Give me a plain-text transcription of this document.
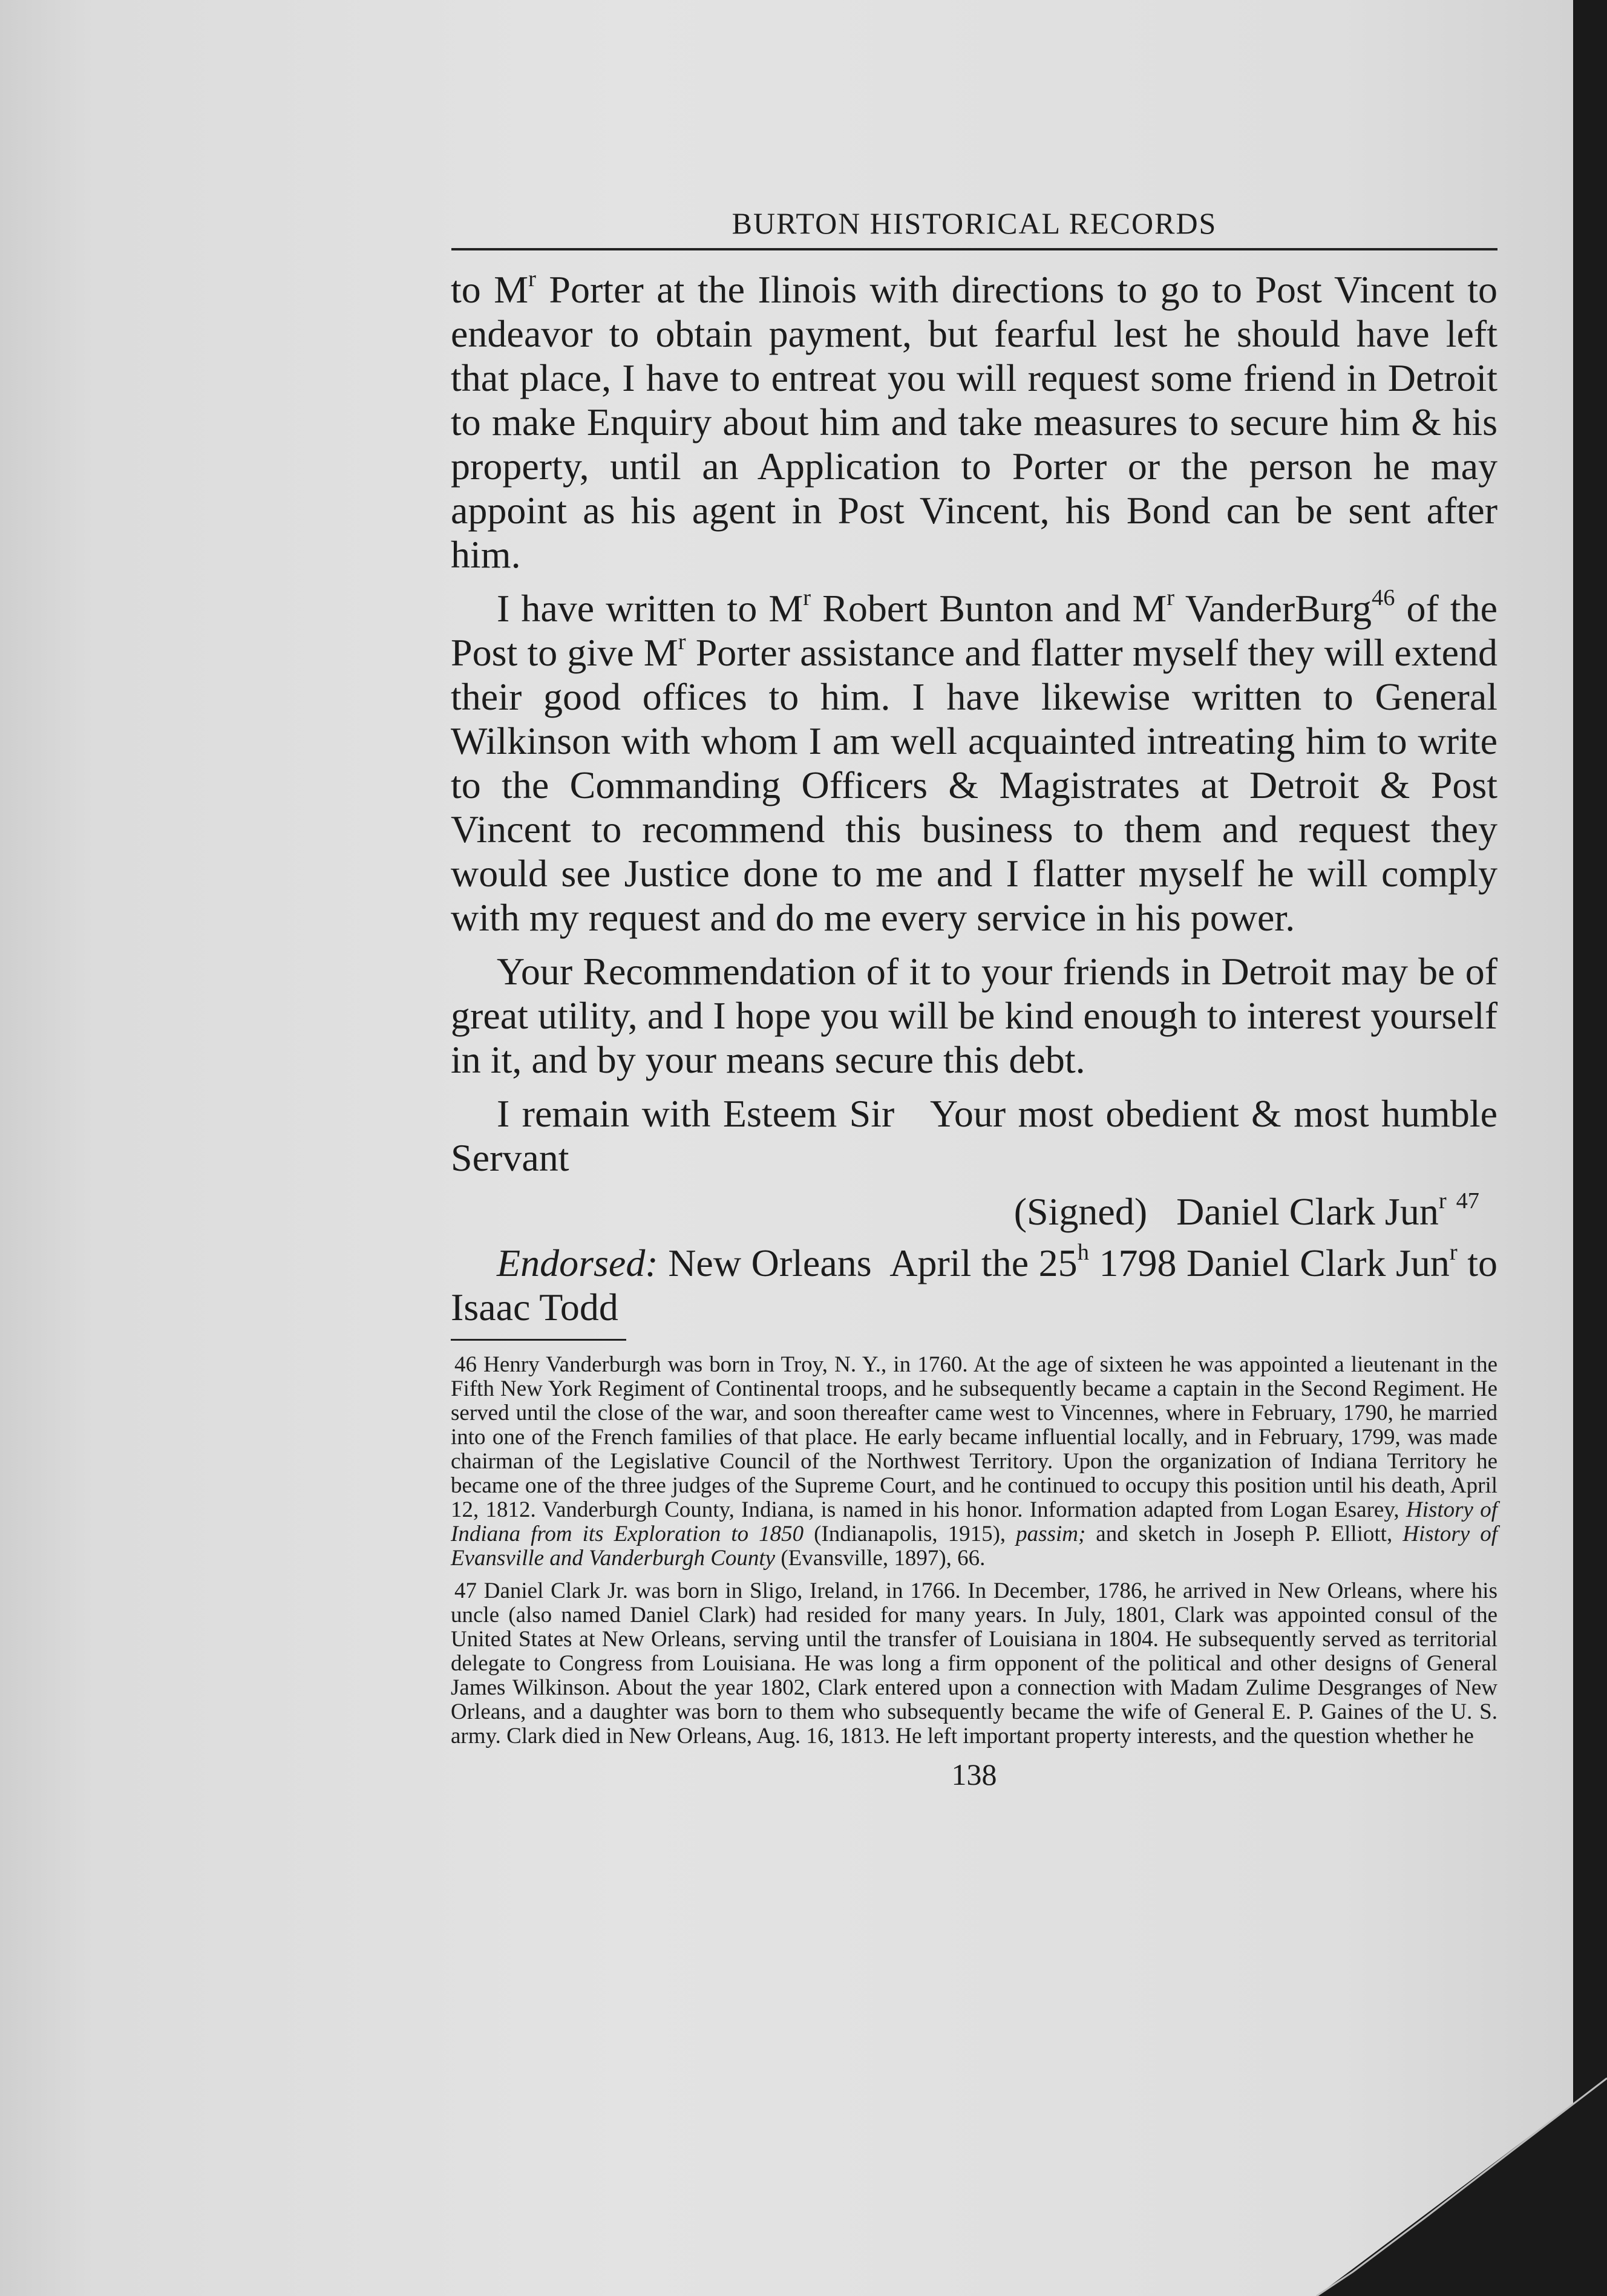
BURTON HISTORICAL RECORDS

to $M^r$ Porter at the Ilinois with directions to go to Post Vincent to endeavor to obtain payment, but fearful lest he should have left that place, I have to entreat you will request some friend in Detroit to make Enquiry about him and take measures to secure him & his property, until an Application to Porter or the person he may appoint as his agent in Post Vincent, his Bond can be sent after him.

I have written to $M^r$ Robert Bunton and $M^r$ VanderBurg$^{46}$ of the Post to give $M^r$ Porter assistance and flatter myself they will extend their good offices to him. I have likewise written to General Wilkinson with whom I am well acquainted intreating him to write to the Commanding Officers & Magistrates at Detroit & Post Vincent to recommend this business to them and request they would see Justice done to me and I flatter myself he will comply with my request and do me every service in his power.

Your Recommendation of it to your friends in Detroit may be of great utility, and I hope you will be kind enough to interest yourself in it, and by your means secure this debt.

I remain with Esteem Sir   Your most obedient & most humble Servant

(Signed)   Daniel Clark Jun$^r$ $^{47}$

Endorsed: New Orleans  April the 25$^h$ 1798 Daniel Clark Jun$^r$ to Isaac Todd

46 Henry Vanderburgh was born in Troy, N. Y., in 1760. At the age of sixteen he was appointed a lieutenant in the Fifth New York Regiment of Continental troops, and he subsequently became a captain in the Second Regiment. He served until the close of the war, and soon thereafter came west to Vincennes, where in February, 1790, he married into one of the French families of that place. He early became influential locally, and in February, 1799, was made chairman of the Legislative Council of the Northwest Territory. Upon the organization of Indiana Territory he became one of the three judges of the Supreme Court, and he continued to occupy this position until his death, April 12, 1812. Vanderburgh County, Indiana, is named in his honor. Information adapted from Logan Esarey, History of Indiana from its Exploration to 1850 (Indianapolis, 1915), passim; and sketch in Joseph P. Elliott, History of Evansville and Vanderburgh County (Evansville, 1897), 66.

47 Daniel Clark Jr. was born in Sligo, Ireland, in 1766. In December, 1786, he arrived in New Orleans, where his uncle (also named Daniel Clark) had resided for many years. In July, 1801, Clark was appointed consul of the United States at New Orleans, serving until the transfer of Louisiana in 1804. He subsequently served as territorial delegate to Congress from Louisiana. He was long a firm opponent of the political and other designs of General James Wilkinson. About the year 1802, Clark entered upon a connection with Madam Zulime Desgranges of New Orleans, and a daughter was born to them who subsequently became the wife of General E. P. Gaines of the U. S. army. Clark died in New Orleans, Aug. 16, 1813. He left important property interests, and the question whether he

138
